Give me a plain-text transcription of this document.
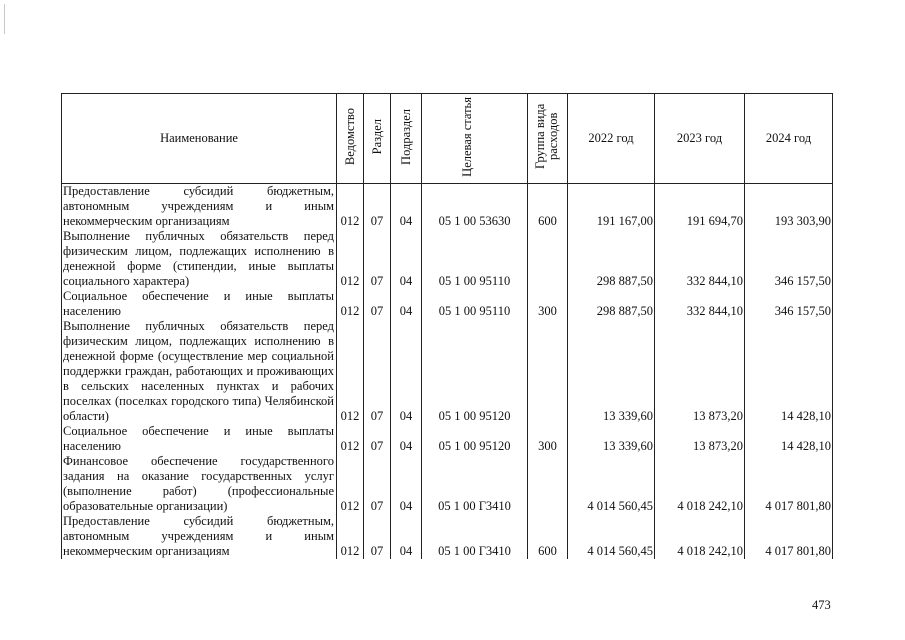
Наименование	Ведомство	Раздел	Подраздел	Целевая статья	Группа вида расходов	2022 год	2023 год	2024 год
Предоставление субсидий бюджетным, автономным учреждениям и иным некоммерческим организациям	012	07	04	05 1 00 53630	600	191 167,00	191 694,70	193 303,90
Выполнение публичных обязательств перед физическим лицом, подлежащих исполнению в денежной форме (стипендии, иные выплаты социального характера)	012	07	04	05 1 00 95110		298 887,50	332 844,10	346 157,50
Социальное обеспечение и иные выплаты населению	012	07	04	05 1 00 95110	300	298 887,50	332 844,10	346 157,50
Выполнение публичных обязательств перед физическим лицом, подлежащих исполнению в денежной форме (осуществление мер социальной поддержки граждан, работающих и проживающих в сельских населенных пунктах и рабочих поселках (поселках городского типа) Челябинской области)	012	07	04	05 1 00 95120		13 339,60	13 873,20	14 428,10
Социальное обеспечение и иные выплаты населению	012	07	04	05 1 00 95120	300	13 339,60	13 873,20	14 428,10
Финансовое обеспечение государственного задания на оказание государственных услуг (выполнение работ) (профессиональные образовательные организации)	012	07	04	05 1 00 Г3410		4 014 560,45	4 018 242,10	4 017 801,80
Предоставление субсидий бюджетным, автономным учреждениям и иным некоммерческим организациям	012	07	04	05 1 00 Г3410	600	4 014 560,45	4 018 242,10	4 017 801,80
473
